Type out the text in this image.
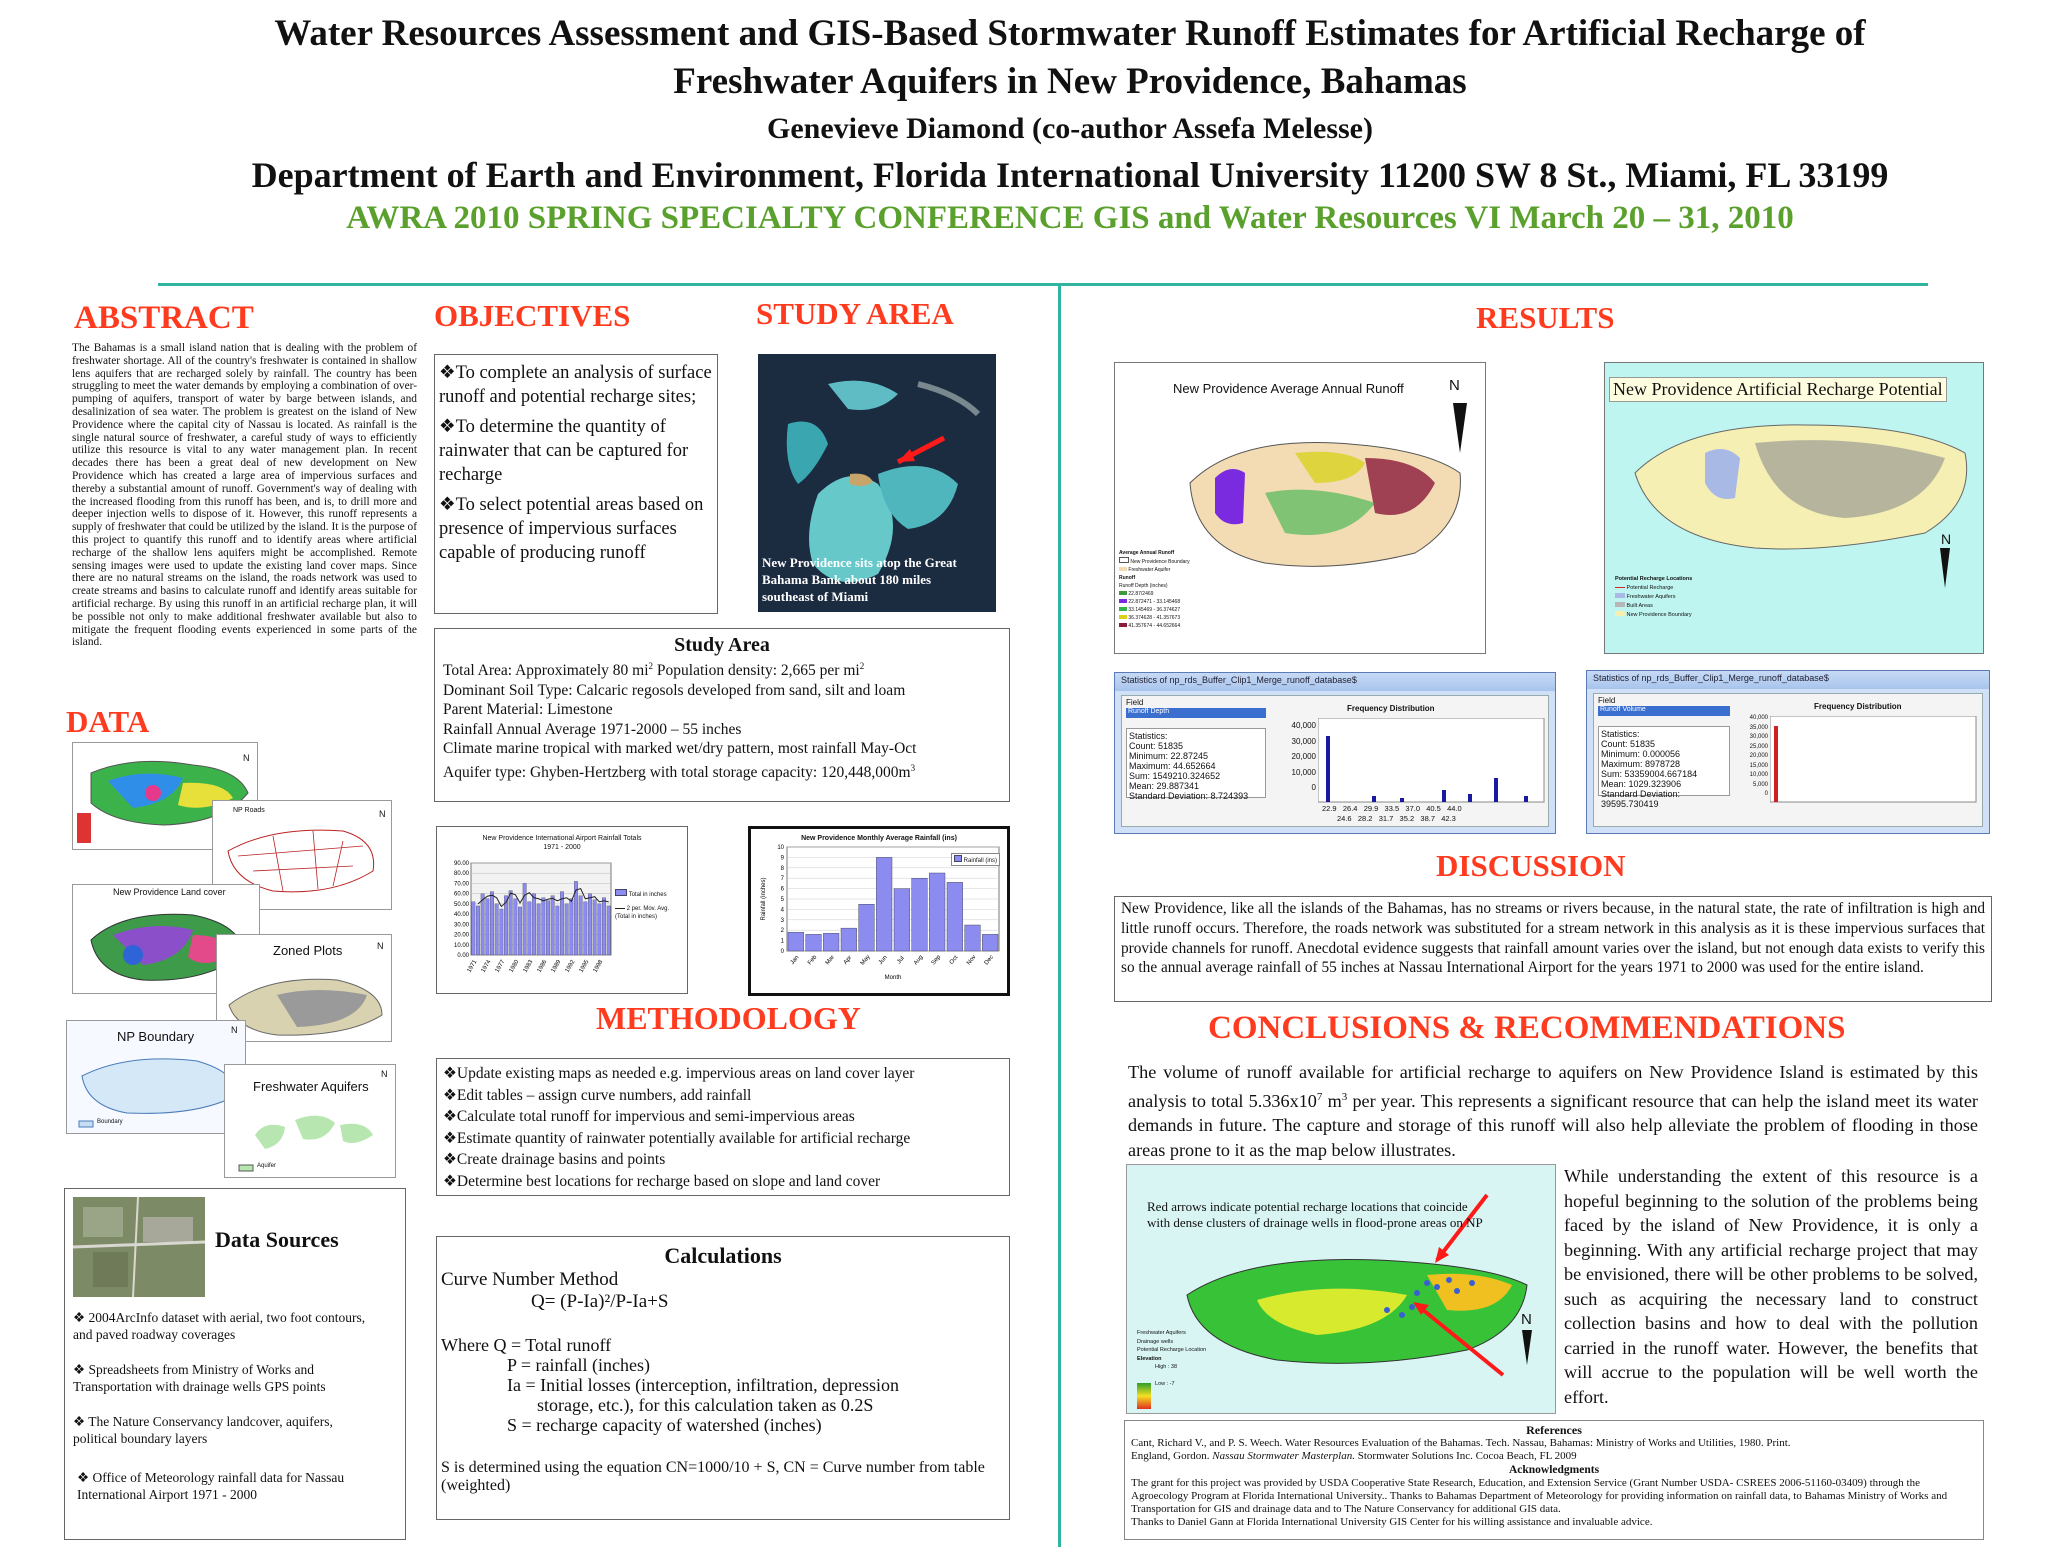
Water Resources Assessment and GIS-Based Stormwater Runoff Estimates for Artificial Recharge of
Freshwater Aquifers in New Providence, Bahamas
Genevieve Diamond (co-author Assefa Melesse)
Department of Earth and Environment, Florida International University 11200 SW 8 St., Miami, FL 33199
AWRA 2010 SPRING SPECIALTY CONFERENCE GIS and Water Resources VI March 20 – 31, 2010
ABSTRACT
The Bahamas is a small island nation that is dealing with the problem of freshwater shortage. All of the country's freshwater is contained in shallow lens aquifers that are recharged solely by rainfall. The country has been struggling to meet the water demands by employing a combination of over-pumping of aquifers, transport of water by barge between islands, and desalinization of sea water. The problem is greatest on the island of New Providence where the capital city of Nassau is located. As rainfall is the single natural source of freshwater, a careful study of ways to efficiently utilize this resource is vital to any water management plan. In recent decades there has been a great deal of new development on New Providence which has created a large area of impervious surfaces and thereby a substantial amount of runoff. Government's way of dealing with the increased flooding from this runoff has been, and is, to drill more and deeper injection wells to dispose of it. However, this runoff represents a supply of freshwater that could be utilized by the island. It is the purpose of this project to quantify this runoff and to identify areas where artificial recharge of the shallow lens aquifers might be accomplished. Remote sensing images were used to update the existing land cover maps. Since there are no natural streams on the island, the roads network was used to create streams and basins to calculate runoff and identify areas suitable for artificial recharge. By using this runoff in an artificial recharge plan, it will be possible not only to make additional freshwater available but also to mitigate the frequent flooding events experienced in some parts of the island.
DATA
N
NP Roads	N
New Providence Land cover
Zoned Plots	N
NP Boundary	N
Boundary
Freshwater Aquifers
N
Aquifer
Data Sources
❖ 2004ArcInfo dataset with aerial, two foot contours, and paved roadway coverages
❖ Spreadsheets from Ministry of Works and Transportation with drainage wells GPS points
❖ The Nature Conservancy landcover, aquifers, political boundary layers
❖ Office of Meteorology rainfall data for Nassau International Airport 1971 - 2000
OBJECTIVES
❖To complete an analysis of surface runoff and potential recharge sites;
❖To determine the quantity of rainwater that can be captured for recharge
❖To select potential areas based on presence of impervious surfaces capable of producing runoff
STUDY AREA
New Providence sits atop the Great Bahama Bank about 180 miles southeast of Miami
Study Area
Total Area: Approximately 80 $mi^2$ Population density: 2,665 per $mi^2$
Dominant Soil Type: Calcaric regosols developed from sand, silt and loam
Parent Material: Limestone
Rainfall Annual Average 1971-2000 – 55 inches
Climate marine tropical with marked wet/dry pattern, most rainfall May-Oct
Aquifer type: Ghyben-Hertzberg with total storage capacity: $120,448,000m^3$
New Providence International Airport Rainfall Totals
1971 - 2000
90.00
80.00
70.00
60.00
50.00
40.00
30.00
20.00
10.00
0.00
1971 1974 1977 1980 1983 1986 1989 1992 1995 1998
Total in inches
2 per. Mov. Avg. (Total in inches)
New Providence Monthly Average Rainfall (ins)
10
9
8
7
6
5
4
3
2
1
0
Jan Feb Mar Apr May Jun Jul Aug Sep Oct Nov Dec
Month
Rainfall (inches)
Rainfall (ins)
METHODOLOGY
❖Update existing maps as needed e.g. impervious areas on land cover layer
❖Edit tables – assign curve numbers, add rainfall
❖Calculate total runoff for impervious and semi-impervious areas
❖Estimate quantity of rainwater potentially available for artificial recharge
❖Create drainage basins and points
❖Determine best locations for recharge based on slope and land cover
Calculations
Curve Number Method
Q= (P-Ia)²/P-Ia+S
Where Q = Total runoff
P = rainfall (inches)
Ia = Initial losses (interception, infiltration, depression
storage, etc.), for this calculation taken as 0.2S
S = recharge capacity of watershed (inches)
S is determined using the equation CN=1000/10 + S, CN = Curve number from table (weighted)
RESULTS
New Providence Average Annual Runoff	N
Average Annual Runoff
New Providence Boundary
Freshwater Aquifer
Runoff
Runoff Depth (inches)
22.87/2469
22.872471 - 33.145468
33.145469 - 36.374627
36.374628 - 41.357673
41.357674 - 44.652664
New Providence Artificial Recharge Potential
N
Potential Recharge Locations
Potential Recharge
Freshwater Aquifers
Built Areas
New Providence Boundary
Statistics of np_rds_Buffer_Clip1_Merge_runoff_database$
Field
Runoff Depth
Statistics:
Count: 51835
Minimum: 22.87245
Maximum: 44.652664
Sum: 1549210.324652
Mean: 29.887341
Standard Deviation: 8.724393
Frequency Distribution
40,000
30,000
20,000
10,000
0
22.9   26.4   29.9   33.5   37.0   40.5   44.0
24.6   28.2   31.7   35.2   38.7   42.3
Statistics of np_rds_Buffer_Clip1_Merge_runoff_database$
Field
Runoff Volume
Statistics:
Count: 51835
Minimum: 0.000056
Maximum: 8978728
Sum: 53359004.667184
Mean: 1029.323906
Standard Deviation: 39595.730419
Frequency Distribution
40,000
35,000
30,000
25,000
20,000
15,000
10,000
5,000
0
DISCUSSION
New Providence, like all the islands of the Bahamas, has no streams or rivers because, in the natural state, the rate of infiltration is high and little runoff occurs. Therefore, the roads network was substituted for a stream network in this analysis as it is these impervious surfaces that provide channels for runoff. Anecdotal evidence suggests that rainfall amount varies over the island, but not enough data exists to verify this so the annual average rainfall of 55 inches at Nassau International Airport for the years 1971 to 2000 was used for the entire island.
CONCLUSIONS & RECOMMENDATIONS
The volume of runoff available for artificial recharge to aquifers on New Providence Island is estimated by this analysis to total $5.336x10^7$ $m^3$ per year. This represents a significant resource that can help the island meet its water demands in future. The capture and storage of this runoff will also help alleviate the problem of flooding in those areas prone to it as the map below illustrates.
Red arrows indicate potential recharge locations that coincide with dense clusters of drainage wells in flood-prone areas on NP
N
Freshwater Aquifers
Drainage wells
Potential Recharge Location
Elevation
High : 38
Low : -7
While understanding the extent of this resource is a hopeful beginning to the solution of the problems being faced by the island of New Providence, it is only a beginning. With any artificial recharge project that may be envisioned, there will be other problems to be solved, such as acquiring the necessary land to construct collection basins and how to deal with the pollution carried in the runoff water. However, the benefits that will accrue to the population will be well worth the effort.
References
Cant, Richard V., and P. S. Weech. Water Resources Evaluation of the Bahamas. Tech. Nassau, Bahamas: Ministry of Works and Utilities, 1980. Print.
England, Gordon. Nassau Stormwater Masterplan. Stormwater Solutions Inc. Cocoa Beach, FL 2009
Acknowledgments
The grant for this project was provided by USDA Cooperative State Research, Education, and Extension Service (Grant Number USDA- CSREES 2006-51160-03409) through the Agroecology Program at Florida International University.. Thanks to Bahamas Department of Meteorology for providing information on rainfall data, to Bahamas Ministry of Works and Transportation for GIS and drainage data and to The Nature Conservancy for additional GIS data.
Thanks to Daniel Gann at Florida International University GIS Center for his willing assistance and invaluable advice.
